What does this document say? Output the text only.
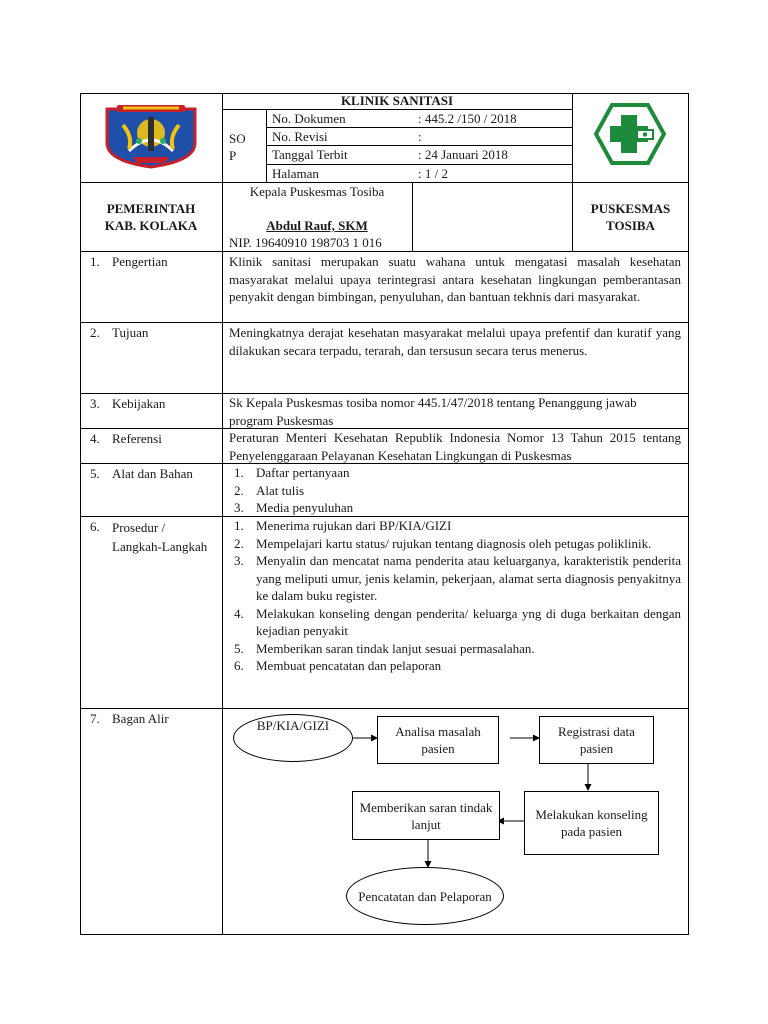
KLINIK SANITASI
SO
P
No. Dokumen	: 445.2 /150 / 2018
No. Revisi	:
Tanggal Terbit	: 24 Januari 2018
Halaman	: 1 / 2
PEMERINTAH
KAB. KOLAKA
Kepala Puskesmas Tosiba
Abdul Rauf, SKM
NIP. 19640910 198703 1 016
PUSKESMAS
TOSIBA
1. Pengertian	Klinik sanitasi merupakan suatu wahana untuk mengatasi masalah kesehatan masyarakat melalui upaya terintegrasi antara kesehatan lingkungan pemberantasan penyakit dengan bimbingan, penyuluhan, dan bantuan tekhnis dari masyarakat.
2. Tujuan	Meningkatnya derajat kesehatan masyarakat melalui upaya prefentif dan kuratif yang dilakukan secara terpadu, terarah, dan tersusun secara terus menerus.
3. Kebijakan	Sk Kepala Puskesmas tosiba nomor 445.1/47/2018 tentang Penanggung jawab program Puskesmas
4. Referensi	Peraturan Menteri Kesehatan Republik Indonesia Nomor 13 Tahun 2015 tentang Penyelenggaraan Pelayanan Kesehatan Lingkungan di Puskesmas
5. Alat dan Bahan	1. Daftar pertanyaan
2. Alat tulis
3. Media penyuluhan
6. Prosedur /
Langkah-Langkah
1. Menerima rujukan dari BP/KIA/GIZI
2. Mempelajari kartu status/ rujukan tentang diagnosis oleh petugas poliklinik.
3. Menyalin dan mencatat nama penderita atau keluarganya, karakteristik penderita yang meliputi umur, jenis kelamin, pekerjaan, alamat serta diagnosis penyakitnya ke dalam buku register.
4. Melakukan konseling dengan penderita/ keluarga yng di duga berkaitan dengan kejadian penyakit
5. Memberikan saran tindak lanjut sesuai permasalahan.
6. Membuat pencatatan dan pelaporan
7. Bagan Alir	BP/KIA/GIZI	Analisa masalah pasien
Registrasi data pasien
Melakukan konseling pada pasien
Memberikan saran tindak lanjut
Pencatatan dan Pelaporan
